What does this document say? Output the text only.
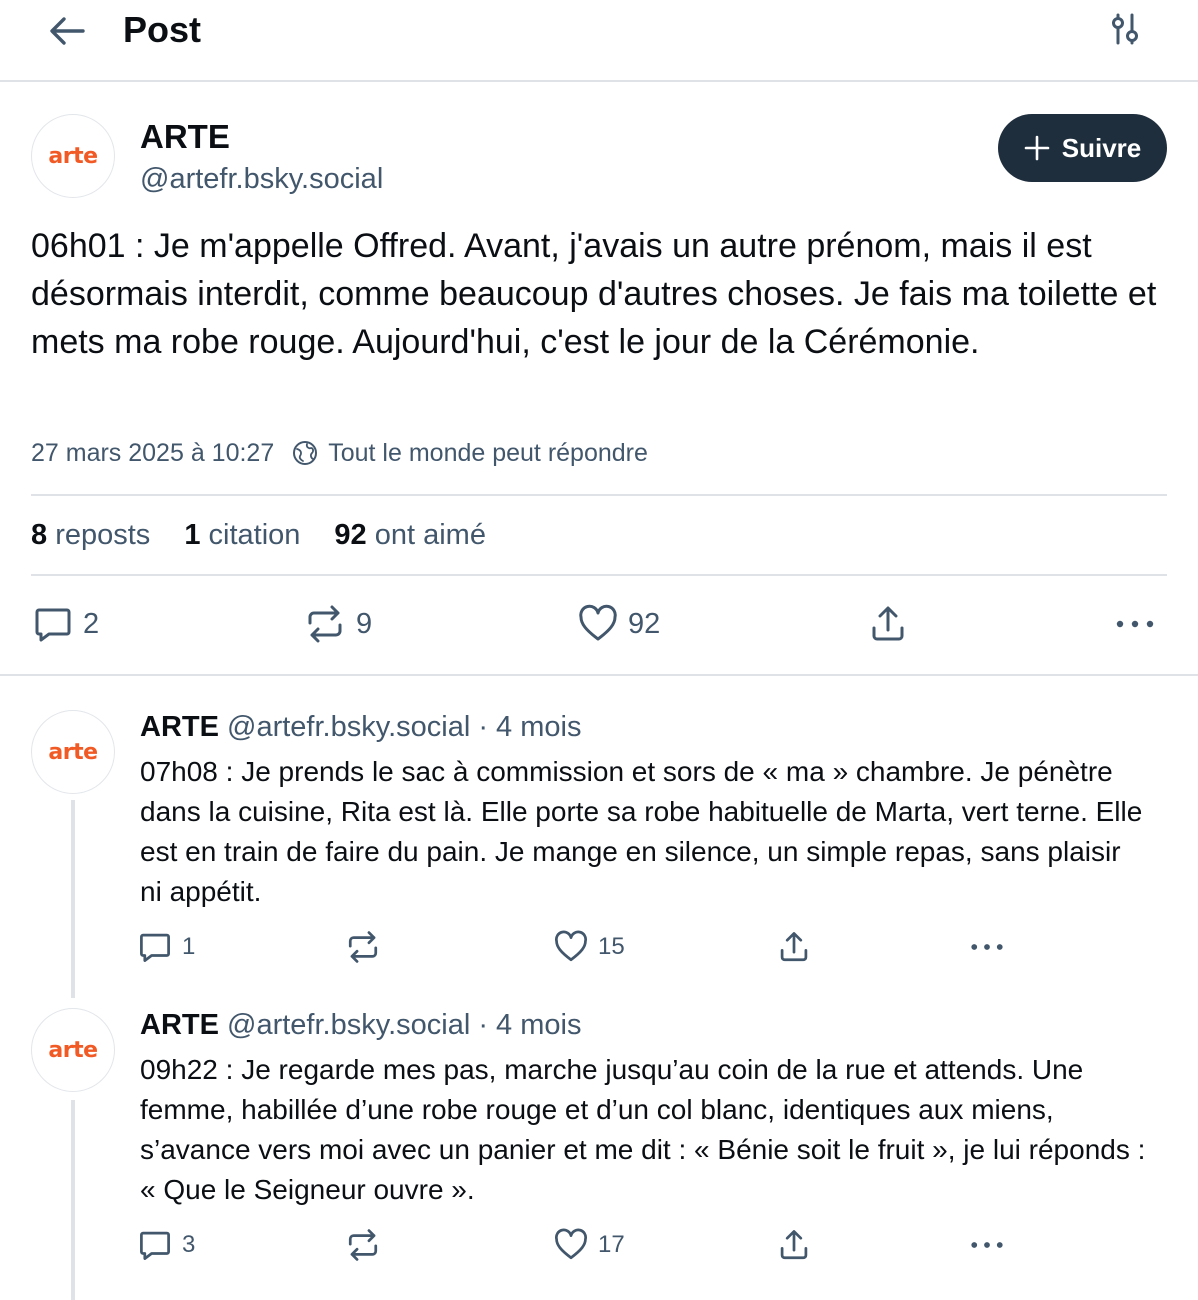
Post
arte
ARTE
@artefr.bsky.social
Suivre
06h01 : Je m'appelle Offred. Avant, j'avais un autre prénom, mais il est désormais interdit, comme beaucoup d'autres choses. Je fais ma toilette et mets ma robe rouge. Aujourd'hui, c'est le jour de la Cérémonie.
27 mars 2025 à 10:27 Tout le monde peut répondre
8 reposts 1 citation 92 ont aimé
2	9	92
arte
ARTE @artefr.bsky.social · 4 mois
07h08 : Je prends le sac à commission et sors de « ma » chambre. Je pénètre dans la cuisine, Rita est là. Elle porte sa robe habituelle de Marta, vert terne. Elle est en train de faire du pain. Je mange en silence, un simple repas, sans plaisir ni appétit.
1	15
arte
ARTE @artefr.bsky.social · 4 mois
09h22 : Je regarde mes pas, marche jusqu’au coin de la rue et attends. Une femme, habillée d’une robe rouge et d’un col blanc, identiques aux miens, s’avance vers moi avec un panier et me dit : « Bénie soit le fruit », je lui réponds : « Que le Seigneur ouvre ».
3	17
